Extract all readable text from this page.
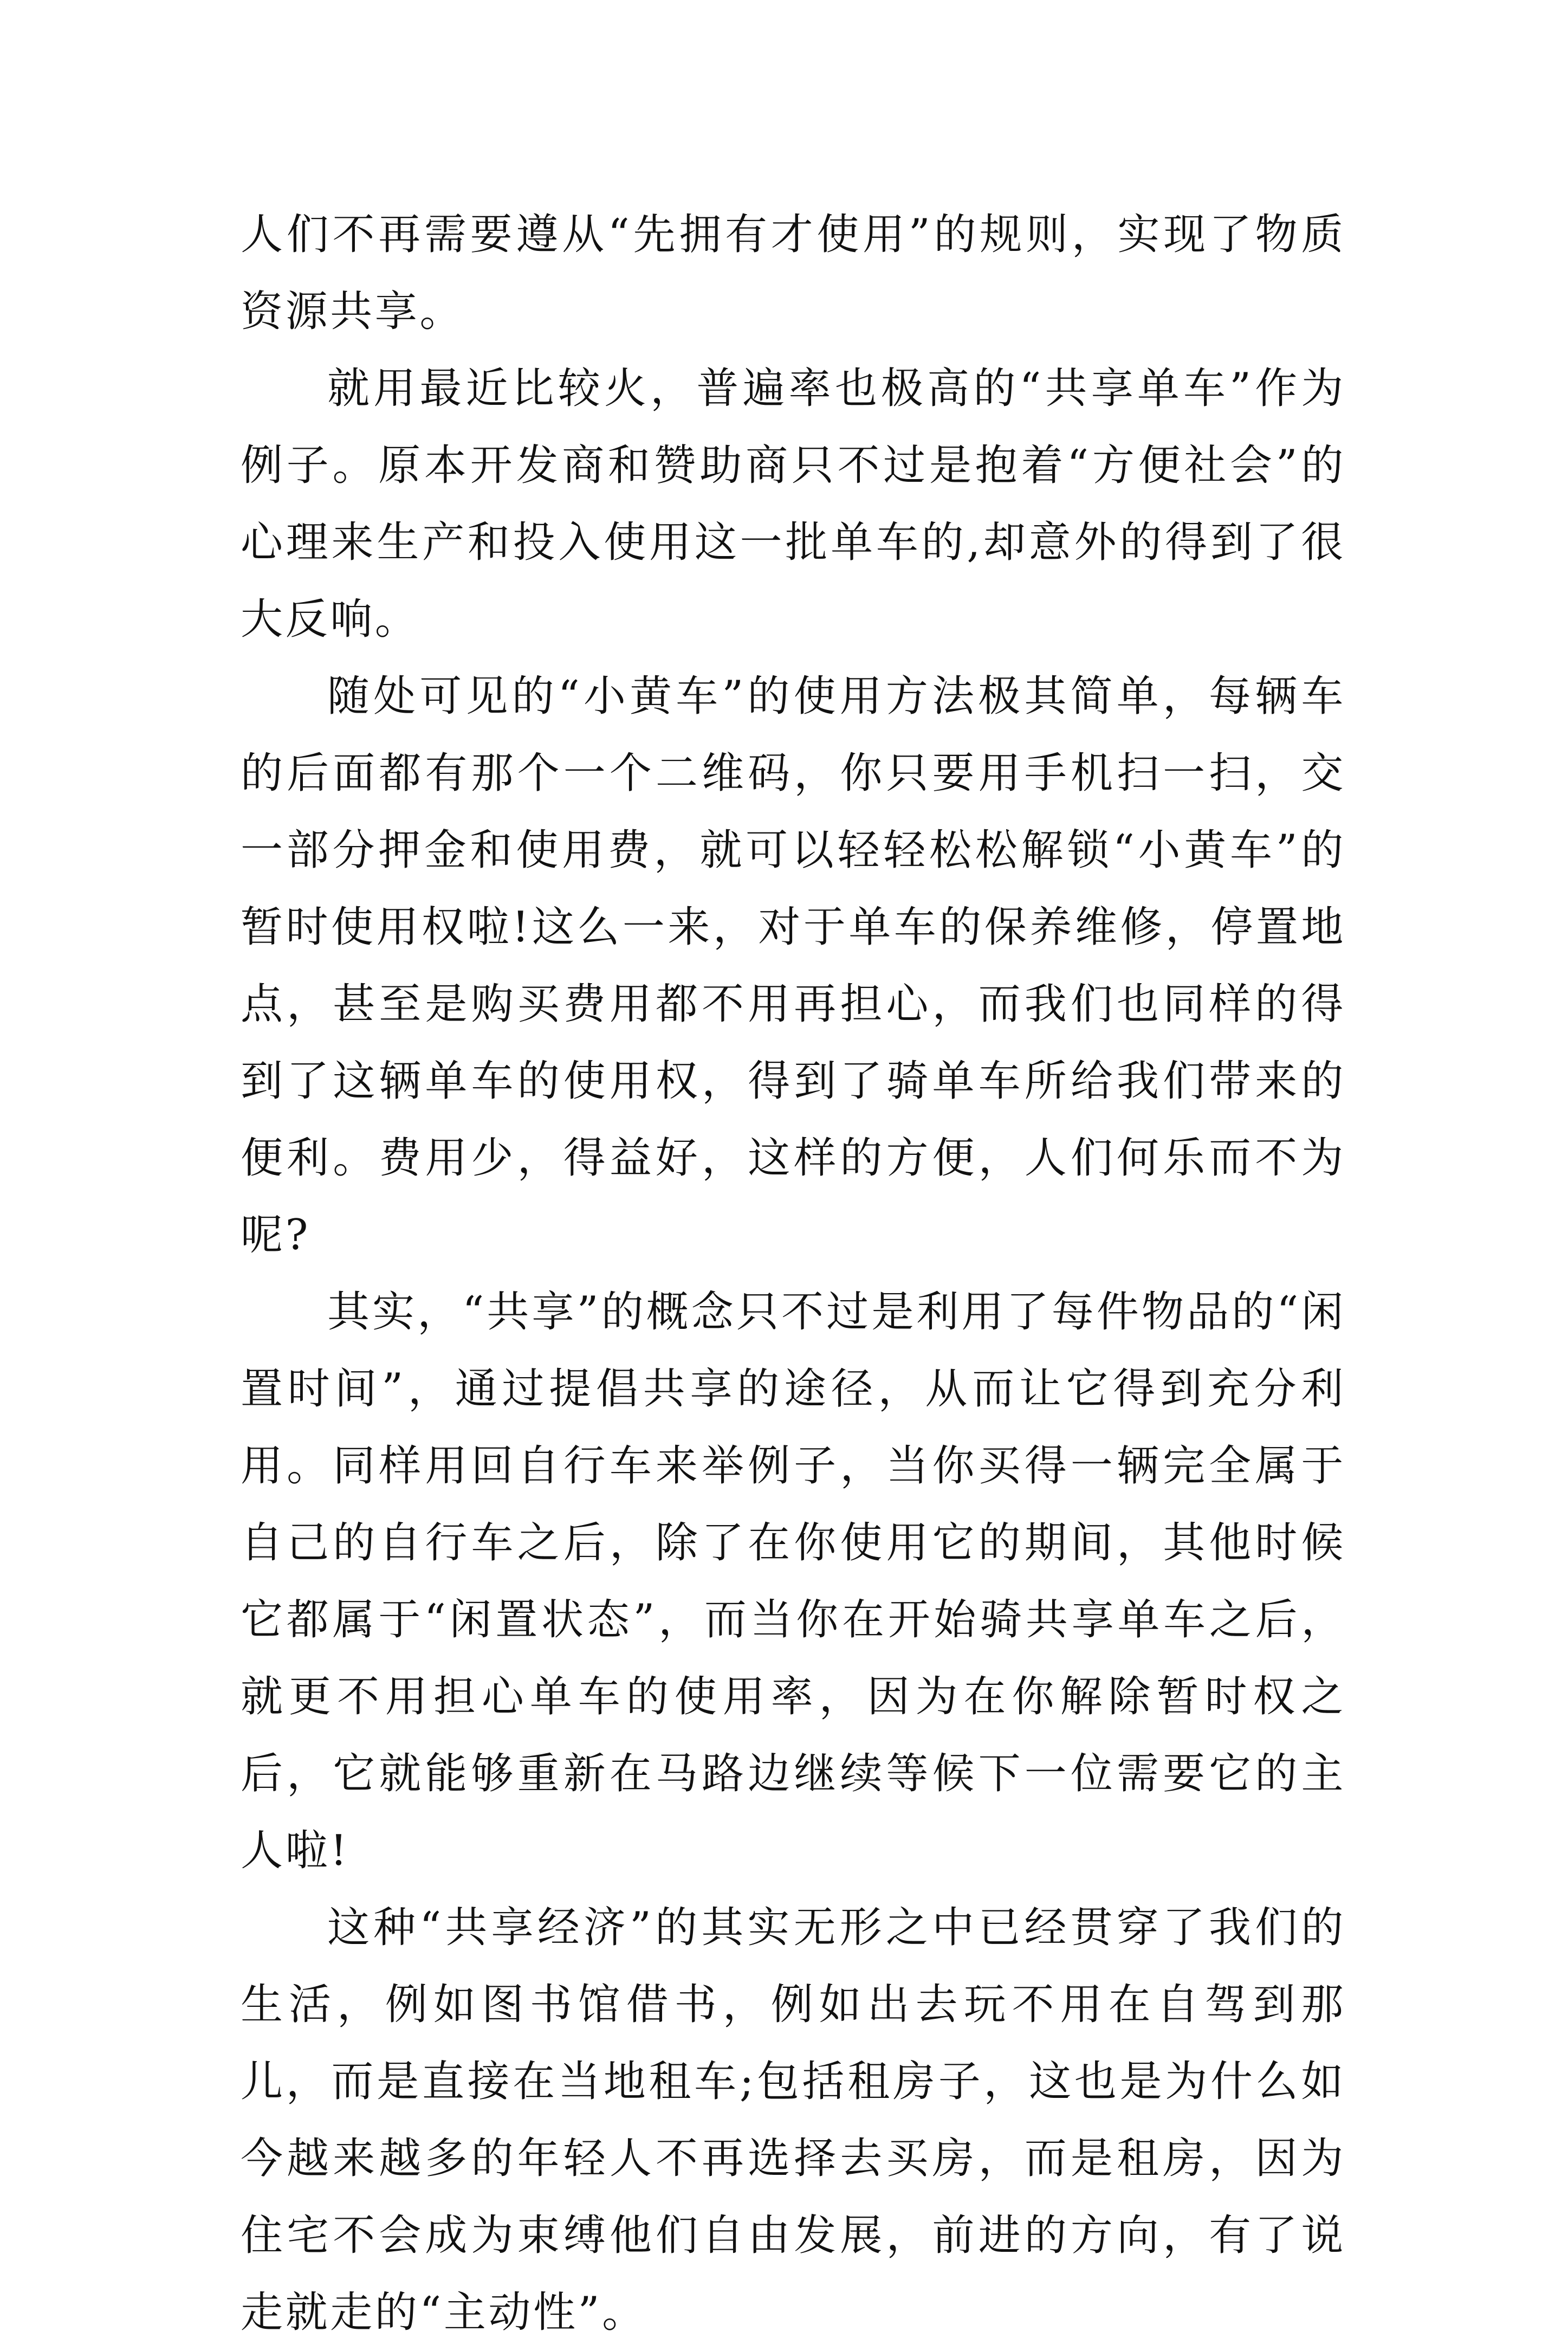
人们不再需要遵从“先拥有才使用”的规则，实现了物质资源共享。

就用最近比较火，普遍率也极高的“共享单车”作为例子。原本开发商和赞助商只不过是抱着“方便社会”的心理来生产和投入使用这一批单车的,却意外的得到了很大反响。

随处可见的“小黄车”的使用方法极其简单，每辆车的后面都有那个一个二维码，你只要用手机扫一扫，交一部分押金和使用费，就可以轻轻松松解锁“小黄车”的暂时使用权啦!这么一来，对于单车的保养维修，停置地点，甚至是购买费用都不用再担心，而我们也同样的得到了这辆单车的使用权，得到了骑单车所给我们带来的便利。费用少，得益好，这样的方便，人们何乐而不为呢?

其实，“共享”的概念只不过是利用了每件物品的“闲置时间”，通过提倡共享的途径，从而让它得到充分利用。同样用回自行车来举例子，当你买得一辆完全属于自己的自行车之后，除了在你使用它的期间，其他时候它都属于“闲置状态”，而当你在开始骑共享单车之后，就更不用担心单车的使用率，因为在你解除暂时权之后，它就能够重新在马路边继续等候下一位需要它的主人啦!

这种“共享经济”的其实无形之中已经贯穿了我们的生活，例如图书馆借书，例如出去玩不用在自驾到那儿，而是直接在当地租车;包括租房子，这也是为什么如今越来越多的年轻人不再选择去买房，而是租房，因为住宅不会成为束缚他们自由发展，前进的方向，有了说走就走的“主动性”。
